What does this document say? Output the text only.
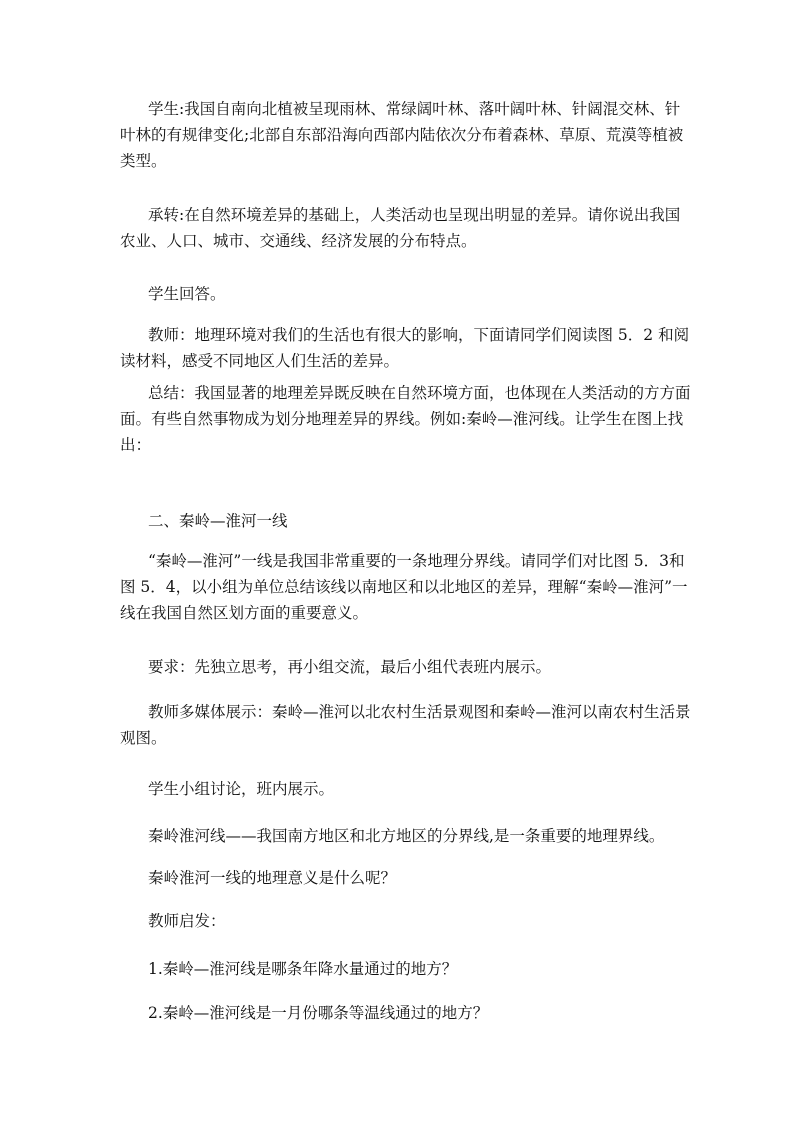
学生:我国自南向北植被呈现雨林、常绿阔叶林、落叶阔叶林、针阔混交林、针叶林的有规律变化;北部自东部沿海向西部内陆依次分布着森林、草原、荒漠等植被类型。

承转:在自然环境差异的基础上，人类活动也呈现出明显的差异。请你说出我国农业、人口、城市、交通线、经济发展的分布特点。

学生回答。

教师：地理环境对我们的生活也有很大的影响，下面请同学们阅读图 5．2 和阅读材料，感受不同地区人们生活的差异。

总结：我国显著的地理差异既反映在自然环境方面，也体现在人类活动的方方面面。有些自然事物成为划分地理差异的界线。例如:秦岭—淮河线。让学生在图上找出：

二、秦岭—淮河一线

“秦岭—淮河”一线是我国非常重要的一条地理分界线。请同学们对比图 5．3和图 5．4，以小组为单位总结该线以南地区和以北地区的差异，理解“秦岭—淮河”一线在我国自然区划方面的重要意义。

要求：先独立思考，再小组交流，最后小组代表班内展示。

教师多媒体展示：秦岭—淮河以北农村生活景观图和秦岭—淮河以南农村生活景观图。

学生小组讨论，班内展示。

秦岭淮河线——我国南方地区和北方地区的分界线,是一条重要的地理界线。

秦岭淮河一线的地理意义是什么呢？

教师启发：

1.秦岭—淮河线是哪条年降水量通过的地方？

2.秦岭—淮河线是一月份哪条等温线通过的地方？
